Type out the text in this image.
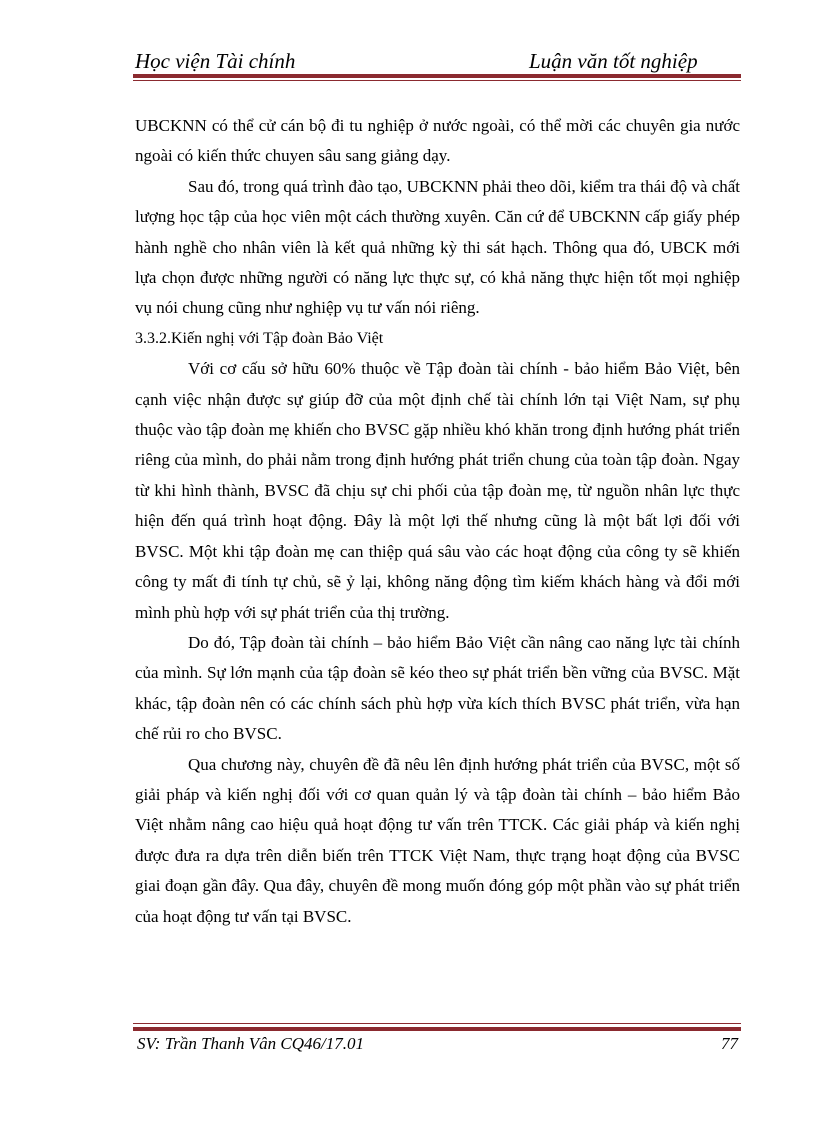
Học viện Tài chính	Luận văn tốt nghiệp

UBCKNN có thể cử cán bộ đi tu nghiệp ở nước ngoài, có thể mời các chuyên gia nước ngoài có kiến thức chuyen sâu sang giảng dạy.

Sau đó, trong quá trình đào tạo, UBCKNN phải theo dõi, kiểm tra thái độ và chất lượng học tập của học viên một cách thường xuyên. Căn cứ để UBCKNN cấp giấy phép hành nghề cho nhân viên là kết quả những kỳ thi sát hạch. Thông qua đó, UBCK mới lựa chọn được những người có năng lực thực sự, có khả năng thực hiện tốt mọi nghiệp vụ nói chung cũng như nghiệp vụ tư vấn nói riêng.

3.3.2.Kiến nghị với Tập đoàn Bảo Việt

Với cơ cấu sở hữu 60% thuộc về Tập đoàn tài chính - bảo hiểm Bảo Việt, bên cạnh việc nhận được sự giúp đỡ của một định chế tài chính lớn tại Việt Nam, sự phụ thuộc vào tập đoàn mẹ khiến cho BVSC gặp nhiều khó khăn trong định hướng phát triển riêng của mình, do phải nằm trong định hướng phát triển chung của toàn tập đoàn. Ngay từ khi hình thành, BVSC đã chịu sự chi phối của tập đoàn mẹ, từ nguồn nhân lực thực hiện đến quá trình hoạt động. Đây là một lợi thế nhưng cũng là một bất lợi đối với BVSC. Một khi tập đoàn mẹ can thiệp quá sâu vào các hoạt động của công ty sẽ khiến công ty mất đi tính tự chủ, sẽ ỷ lại, không năng động tìm kiếm khách hàng và đổi mới mình phù hợp với sự phát triển của thị trường.

Do đó, Tập đoàn tài chính – bảo hiểm Bảo Việt cần nâng cao năng lực tài chính của mình. Sự lớn mạnh của tập đoàn sẽ kéo theo sự phát triển bền vững của BVSC. Mặt khác, tập đoàn nên có các chính sách phù hợp vừa kích thích BVSC phát triển, vừa hạn chế rủi ro cho BVSC.

Qua chương này, chuyên đề đã nêu lên định hướng phát triển của BVSC, một số giải pháp và kiến nghị đối với cơ quan quản lý và tập đoàn tài chính – bảo hiểm Bảo Việt nhằm nâng cao hiệu quả hoạt động tư vấn trên TTCK. Các giải pháp và kiến nghị được đưa ra dựa trên diễn biến trên TTCK Việt Nam, thực trạng hoạt động của BVSC giai đoạn gần đây. Qua đây, chuyên đề mong muốn đóng góp một phần vào sự phát triển của hoạt động tư vấn tại BVSC.

SV: Trần Thanh Vân CQ46/17.01	77
